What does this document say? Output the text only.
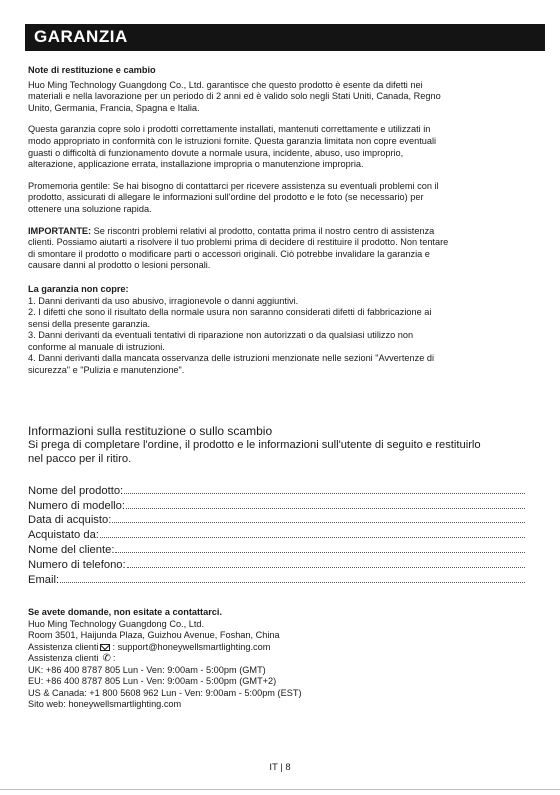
GARANZIA

Note di restituzione e cambio

Huo Ming Technology Guangdong Co., Ltd. garantisce che questo prodotto è esente da difetti nei

materiali e nella lavorazione per un periodo di 2 anni ed è valido solo negli Stati Uniti, Canada, Regno

Unito, Germania, Francia, Spagna e Italia.

Questa garanzia copre solo i prodotti correttamente installati, mantenuti correttamente e utilizzati in

modo appropriato in conformità con le istruzioni fornite. Questa garanzia limitata non copre eventuali

guasti o difficoltà di funzionamento dovute a normale usura, incidente, abuso, uso improprio,

alterazione, applicazione errata, installazione impropria o manutenzione impropria.

Promemoria gentile: Se hai bisogno di contattarci per ricevere assistenza su eventuali problemi con il

prodotto, assicurati di allegare le informazioni sull'ordine del prodotto e le foto (se necessario) per

ottenere una soluzione rapida.

IMPORTANTE: Se riscontri problemi relativi al prodotto, contatta prima il nostro centro di assistenza

clienti. Possiamo aiutarti a risolvere il tuo problemi prima di decidere di restituire il prodotto. Non tentare

di smontare il prodotto o modificare parti o accessori originali. Ciò potrebbe invalidare la garanzia e

causare danni al prodotto o lesioni personali.

La garanzia non copre:

1. Danni derivanti da uso abusivo, irragionevole o danni aggiuntivi.

2. I difetti che sono il risultato della normale usura non saranno considerati difetti di fabbricazione ai

sensi della presente garanzia.

3. Danni derivanti da eventuali tentativi di riparazione non autorizzati o da qualsiasi utilizzo non

conforme al manuale di istruzioni.

4. Danni derivanti dalla mancata osservanza delle istruzioni menzionate nelle sezioni "Avvertenze di

sicurezza" e "Pulizia e manutenzione".

Informazioni sulla restituzione o sullo scambio

Si prega di completare l'ordine, il prodotto e le informazioni sull'utente di seguito e restituirlo

nel pacco per il ritiro.

Nome del prodotto:
Numero di modello:
Data di acquisto:
Acquistato da:
Nome del cliente:
Numero di telefono:
Email:

Se avete domande, non esitate a contattarci.

Huo Ming Technology Guangdong Co., Ltd.

Room 3501, Haijunda Plaza, Guizhou Avenue, Foshan, China

Assistenza clienti : support@honeywellsmartlighting.com

Assistenza clienti ✆ :

UK: +86 400 8787 805 Lun - Ven: 9:00am - 5:00pm (GMT)

EU: +86 400 8787 805 Lun - Ven: 9:00am - 5:00pm (GMT+2)

US & Canada: +1 800 5608 962 Lun - Ven: 9:00am - 5:00pm (EST)

Sito web: honeywellsmartlighting.com

IT | 8
